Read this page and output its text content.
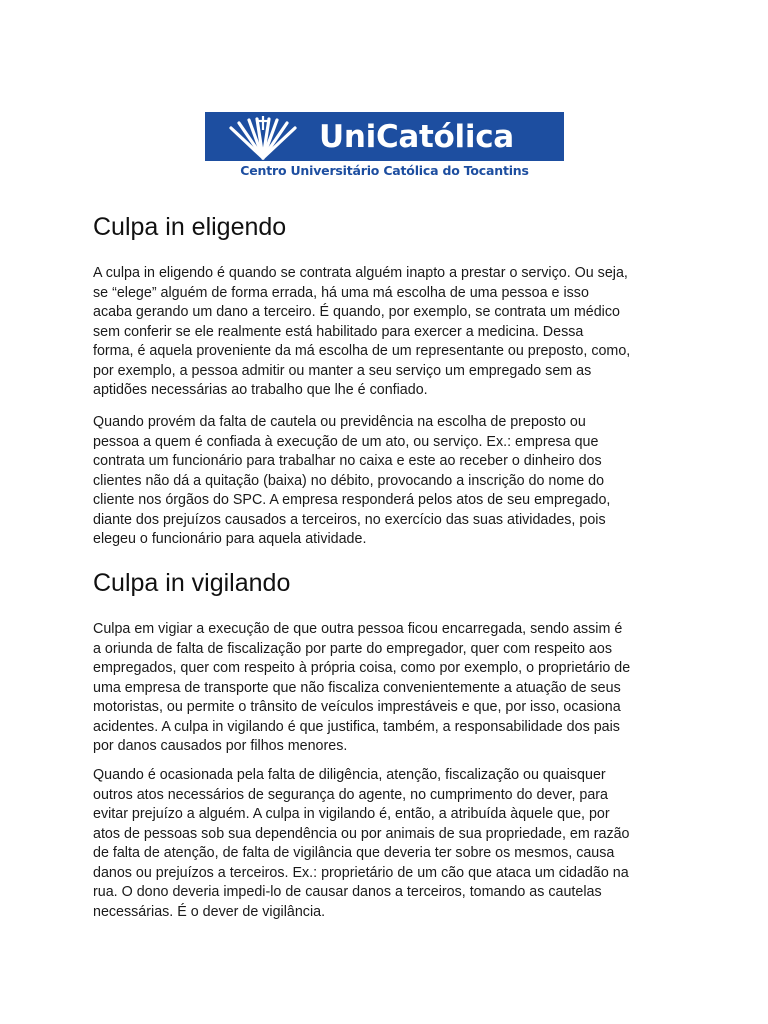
UniCatólica
Centro Universitário Católica do Tocantins
Culpa in eligendo

A culpa in eligendo é quando se contrata alguém inapto a prestar o serviço. Ou seja,
se “elege” alguém de forma errada, há uma má escolha de uma pessoa e isso
acaba gerando um dano a terceiro. É quando, por exemplo, se contrata um médico
sem conferir se ele realmente está habilitado para exercer a medicina. Dessa
forma, é aquela proveniente da má escolha de um representante ou preposto, como,
por exemplo, a pessoa admitir ou manter a seu serviço um empregado sem as
aptidões necessárias ao trabalho que lhe é confiado.

Quando provém da falta de cautela ou previdência na escolha de preposto ou
pessoa a quem é confiada à execução de um ato, ou serviço. Ex.: empresa que
contrata um funcionário para trabalhar no caixa e este ao receber o dinheiro dos
clientes não dá a quitação (baixa) no débito, provocando a inscrição do nome do
cliente nos órgãos do SPC. A empresa responderá pelos atos de seu empregado,
diante dos prejuízos causados a terceiros, no exercício das suas atividades, pois
elegeu o funcionário para aquela atividade.

Culpa in vigilando

Culpa em vigiar a execução de que outra pessoa ficou encarregada, sendo assim é
a oriunda de falta de fiscalização por parte do empregador, quer com respeito aos
empregados, quer com respeito à própria coisa, como por exemplo, o proprietário de
uma empresa de transporte que não fiscaliza convenientemente a atuação de seus
motoristas, ou permite o trânsito de veículos imprestáveis e que, por isso, ocasiona
acidentes. A culpa in vigilando é que justifica, também, a responsabilidade dos pais
por danos causados por filhos menores.

Quando é ocasionada pela falta de diligência, atenção, fiscalização ou quaisquer
outros atos necessários de segurança do agente, no cumprimento do dever, para
evitar prejuízo a alguém. A culpa in vigilando é, então, a atribuída àquele que, por
atos de pessoas sob sua dependência ou por animais de sua propriedade, em razão
de falta de atenção, de falta de vigilância que deveria ter sobre os mesmos, causa
danos ou prejuízos a terceiros. Ex.: proprietário de um cão que ataca um cidadão na
rua. O dono deveria impedi-lo de causar danos a terceiros, tomando as cautelas
necessárias. É o dever de vigilância.
